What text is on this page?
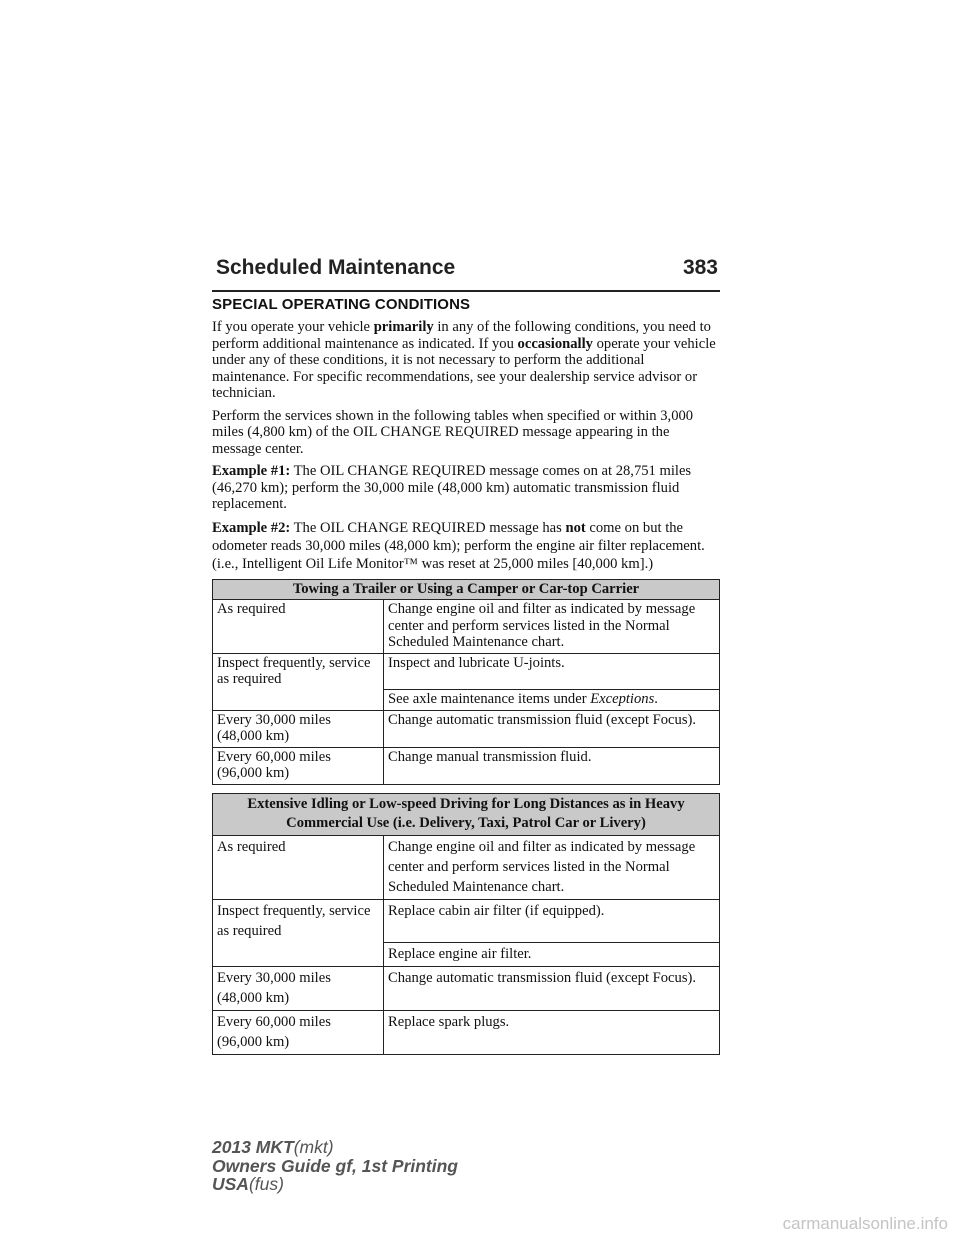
Scheduled Maintenance	383
SPECIAL OPERATING CONDITIONS

If you operate your vehicle primarily in any of the following conditions, you need to perform additional maintenance as indicated. If you occasionally operate your vehicle under any of these conditions, it is not necessary to perform the additional maintenance. For specific recommendations, see your dealership service advisor or technician.

Perform the services shown in the following tables when specified or within 3,000 miles (4,800 km) of the OIL CHANGE REQUIRED message appearing in the message center.

Example #1: The OIL CHANGE REQUIRED message comes on at 28,751 miles (46,270 km); perform the 30,000 mile (48,000 km) automatic transmission fluid replacement.

Example #2: The OIL CHANGE REQUIRED message has not come on but the odometer reads 30,000 miles (48,000 km); perform the engine air filter replacement. (i.e., Intelligent Oil Life Monitor™ was reset at 25,000 miles [40,000 km].)

Towing a Trailer or Using a Camper or Car-top Carrier	
As required	Change engine oil and filter as indicated by message center and perform services listed in the Normal Scheduled Maintenance chart.
Inspect frequently, service as required	Inspect and lubricate U-joints.
	See axle maintenance items under Exceptions.
Every 30,000 miles (48,000 km)	Change automatic transmission fluid (except Focus).
Every 60,000 miles (96,000 km)	Change manual transmission fluid.
Extensive Idling or Low-speed Driving for Long Distances as in Heavy Commercial Use (i.e. Delivery, Taxi, Patrol Car or Livery)	
As required	Change engine oil and filter as indicated by message center and perform services listed in the Normal Scheduled Maintenance chart.
Inspect frequently, service as required	Replace cabin air filter (if equipped).
	Replace engine air filter.
Every 30,000 miles (48,000 km)	Change automatic transmission fluid (except Focus).
Every 60,000 miles (96,000 km)	Replace spark plugs.
2013 MKT(mkt)
Owners Guide gf, 1st Printing
USA(fus)
carmanualsonline.info
